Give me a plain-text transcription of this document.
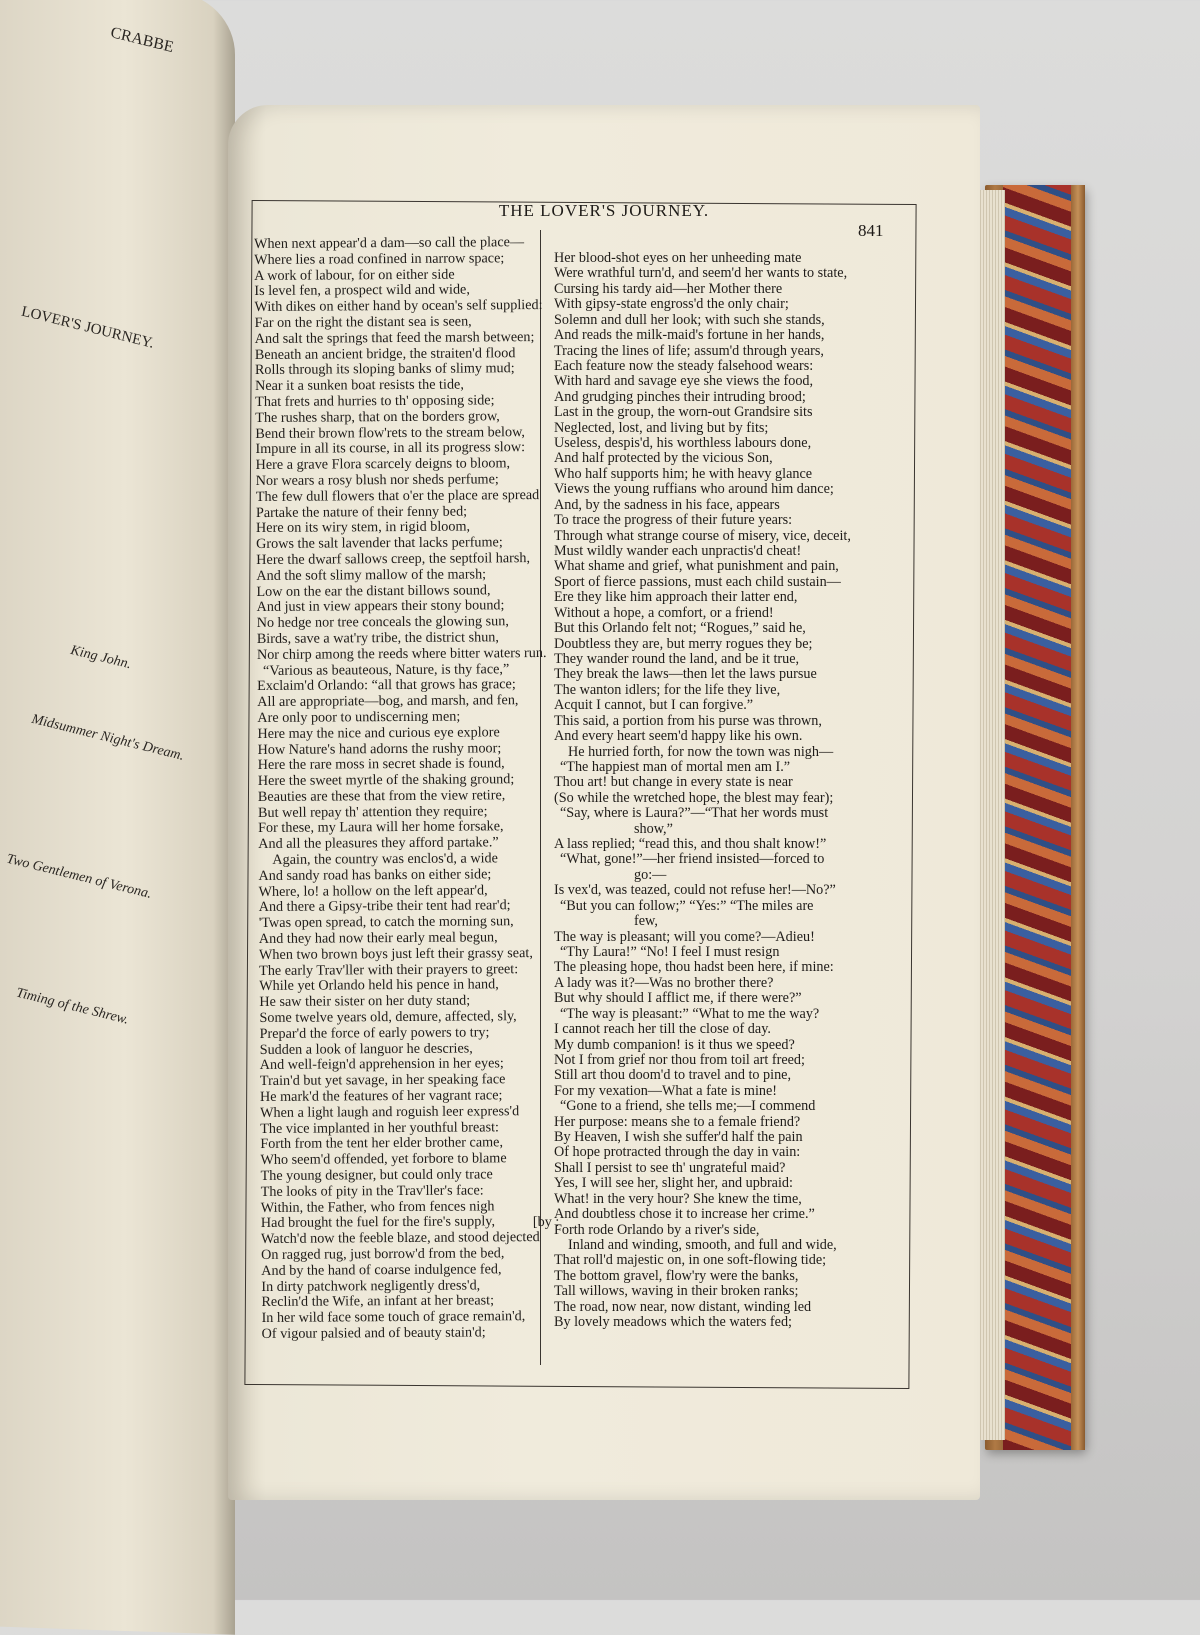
CRABBE
LOVER'S JOURNEY.
King John.
Midsummer Night's Dream.
Two Gentlemen of Verona.
Timing of the Shrew.
THE LOVER'S JOURNEY.
841
When next appear'd a dam—so call the place—
Where lies a road confined in narrow space;
A work of labour, for on either side
Is level fen, a prospect wild and wide,
With dikes on either hand by ocean's self supplied:
Far on the right the distant sea is seen,
And salt the springs that feed the marsh between;
Beneath an ancient bridge, the straiten'd flood
Rolls through its sloping banks of slimy mud;
Near it a sunken boat resists the tide,
That frets and hurries to th' opposing side;
The rushes sharp, that on the borders grow,
Bend their brown flow'rets to the stream below,
Impure in all its course, in all its progress slow:
Here a grave Flora scarcely deigns to bloom,
Nor wears a rosy blush nor sheds perfume;
The few dull flowers that o'er the place are spread
Partake the nature of their fenny bed;
Here on its wiry stem, in rigid bloom,
Grows the salt lavender that lacks perfume;
Here the dwarf sallows creep, the septfoil harsh,
And the soft slimy mallow of the marsh;
Low on the ear the distant billows sound,
And just in view appears their stony bound;
No hedge nor tree conceals the glowing sun,
Birds, save a wat'ry tribe, the district shun,
Nor chirp among the reeds where bitter waters run.
“Various as beauteous, Nature, is thy face,”
Exclaim'd Orlando: “all that grows has grace;
All are appropriate—bog, and marsh, and fen,
Are only poor to undiscerning men;
Here may the nice and curious eye explore
How Nature's hand adorns the rushy moor;
Here the rare moss in secret shade is found,
Here the sweet myrtle of the shaking ground;
Beauties are these that from the view retire,
But well repay th' attention they require;
For these, my Laura will her home forsake,
And all the pleasures they afford partake.”
Again, the country was enclos'd, a wide
And sandy road has banks on either side;
Where, lo! a hollow on the left appear'd,
And there a Gipsy-tribe their tent had rear'd;
'Twas open spread, to catch the morning sun,
And they had now their early meal begun,
When two brown boys just left their grassy seat,
The early Trav'ller with their prayers to greet:
While yet Orlando held his pence in hand,
He saw their sister on her duty stand;
Some twelve years old, demure, affected, sly,
Prepar'd the force of early powers to try;
Sudden a look of languor he descries,
And well-feign'd apprehension in her eyes;
Train'd but yet savage, in her speaking face
He mark'd the features of her vagrant race;
When a light laugh and roguish leer express'd
The vice implanted in her youthful breast:
Forth from the tent her elder brother came,
Who seem'd offended, yet forbore to blame
The young designer, but could only trace
The looks of pity in the Trav'ller's face:
Within, the Father, who from fences nigh
Had brought the fuel for the fire's supply,	[by :
Watch'd now the feeble blaze, and stood dejected
On ragged rug, just borrow'd from the bed,
And by the hand of coarse indulgence fed,
In dirty patchwork negligently dress'd,
Reclin'd the Wife, an infant at her breast;
In her wild face some touch of grace remain'd,
Of vigour palsied and of beauty stain'd;
Her blood-shot eyes on her unheeding mate
Were wrathful turn'd, and seem'd her wants to state,
Cursing his tardy aid—her Mother there
With gipsy-state engross'd the only chair;
Solemn and dull her look; with such she stands,
And reads the milk-maid's fortune in her hands,
Tracing the lines of life; assum'd through years,
Each feature now the steady falsehood wears:
With hard and savage eye she views the food,
And grudging pinches their intruding brood;
Last in the group, the worn-out Grandsire sits
Neglected, lost, and living but by fits;
Useless, despis'd, his worthless labours done,
And half protected by the vicious Son,
Who half supports him; he with heavy glance
Views the young ruffians who around him dance;
And, by the sadness in his face, appears
To trace the progress of their future years:
Through what strange course of misery, vice, deceit,
Must wildly wander each unpractis'd cheat!
What shame and grief, what punishment and pain,
Sport of fierce passions, must each child sustain—
Ere they like him approach their latter end,
Without a hope, a comfort, or a friend!
But this Orlando felt not; “Rogues,” said he,
Doubtless they are, but merry rogues they be;
They wander round the land, and be it true,
They break the laws—then let the laws pursue
The wanton idlers; for the life they live,
Acquit I cannot, but I can forgive.”
This said, a portion from his purse was thrown,
And every heart seem'd happy like his own.
He hurried forth, for now the town was nigh—
“The happiest man of mortal men am I.”
Thou art! but change in every state is near
(So while the wretched hope, the blest may fear);
“Say, where is Laura?”—“That her words must
show,”
A lass replied; “read this, and thou shalt know!”
“What, gone!”—her friend insisted—forced to
go:—
Is vex'd, was teazed, could not refuse her!—No?”
“But you can follow;” “Yes:” “The miles are
few,
The way is pleasant; will you come?—Adieu!
“Thy Laura!” “No! I feel I must resign
The pleasing hope, thou hadst been here, if mine:
A lady was it?—Was no brother there?
But why should I afflict me, if there were?”
“The way is pleasant:” “What to me the way?
I cannot reach her till the close of day.
My dumb companion! is it thus we speed?
Not I from grief nor thou from toil art freed;
Still art thou doom'd to travel and to pine,
For my vexation—What a fate is mine!
“Gone to a friend, she tells me;—I commend
Her purpose: means she to a female friend?
By Heaven, I wish she suffer'd half the pain
Of hope protracted through the day in vain:
Shall I persist to see th' ungrateful maid?
Yes, I will see her, slight her, and upbraid:
What! in the very hour? She knew the time,
And doubtless chose it to increase her crime.”
Forth rode Orlando by a river's side,
Inland and winding, smooth, and full and wide,
That roll'd majestic on, in one soft-flowing tide;
The bottom gravel, flow'ry were the banks,
Tall willows, waving in their broken ranks;
The road, now near, now distant, winding led
By lovely meadows which the waters fed;
